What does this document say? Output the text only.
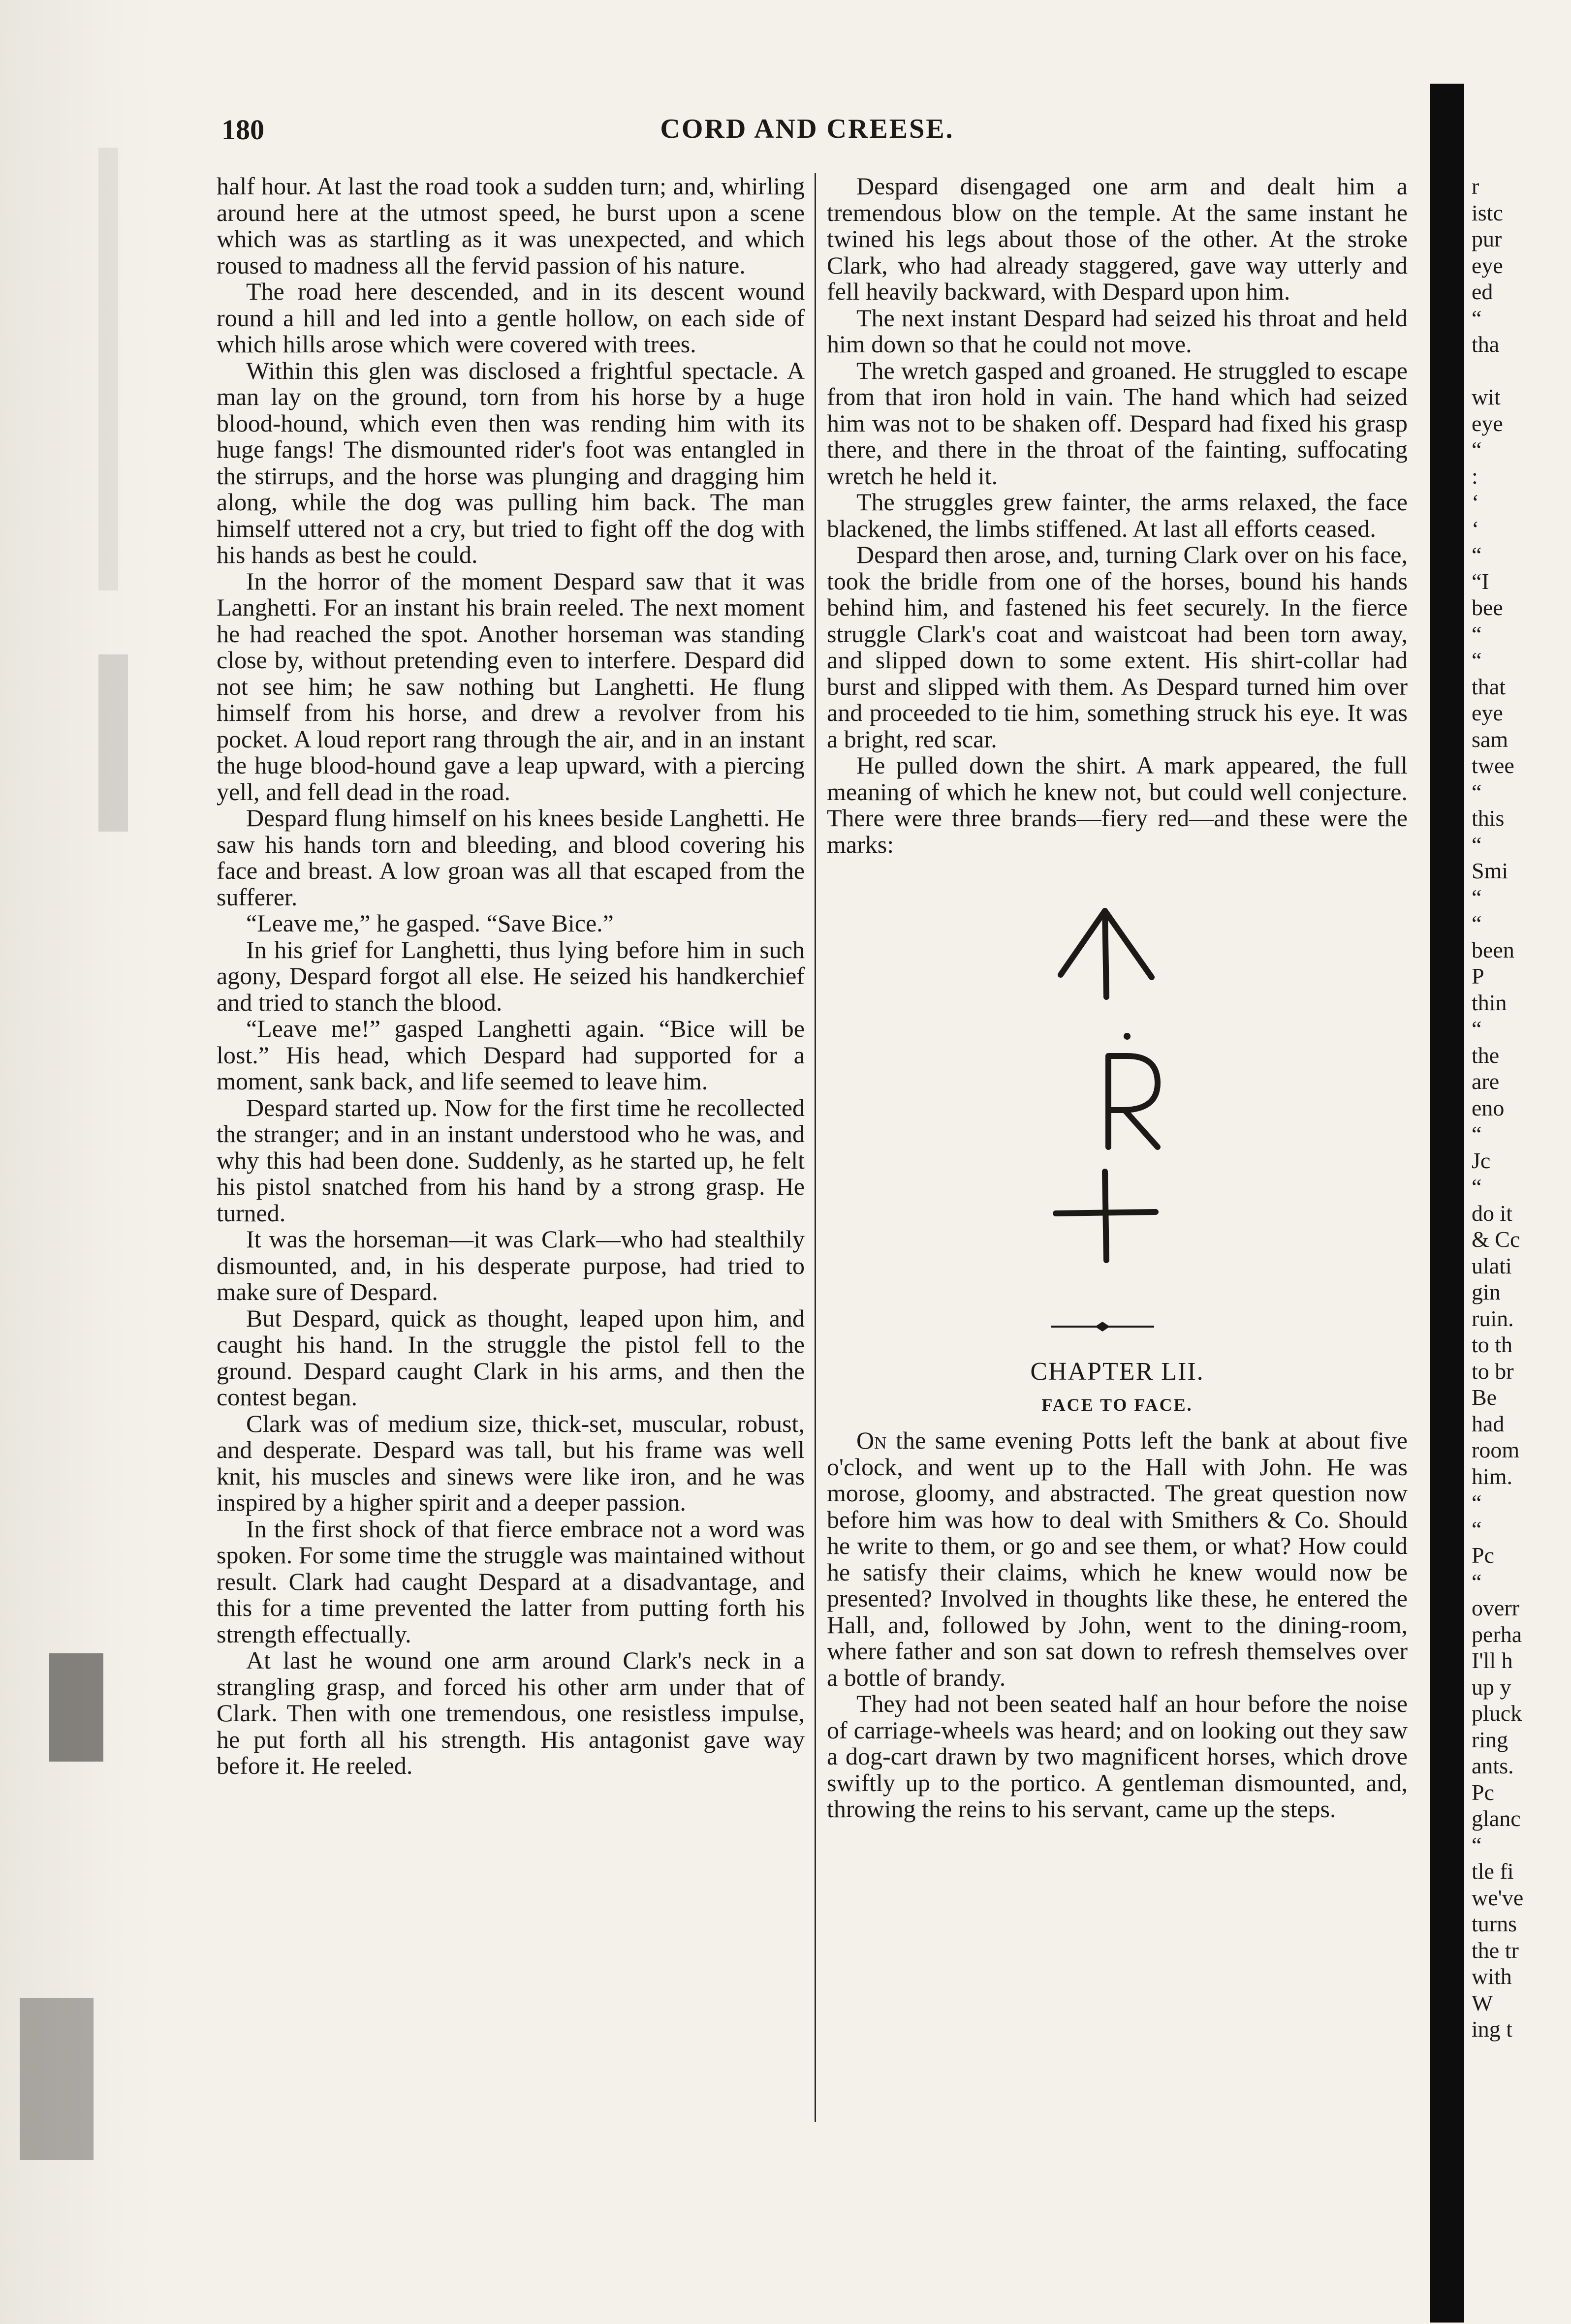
180	CORD AND CREESE.

half hour. At last the road took a sudden turn; and, whirling around here at the utmost speed, he burst upon a scene which was as startling as it was unexpected, and which roused to madness all the fervid passion of his nature.

The road here descended, and in its descent wound round a hill and led into a gentle hollow, on each side of which hills arose which were covered with trees.

Within this glen was disclosed a frightful spectacle. A man lay on the ground, torn from his horse by a huge blood-hound, which even then was rending him with its huge fangs! The dismounted rider's foot was entangled in the stirrups, and the horse was plunging and dragging him along, while the dog was pulling him back. The man himself uttered not a cry, but tried to fight off the dog with his hands as best he could.

In the horror of the moment Despard saw that it was Langhetti. For an instant his brain reeled. The next moment he had reached the spot. Another horseman was standing close by, without pretending even to interfere. Despard did not see him; he saw nothing but Langhetti. He flung himself from his horse, and drew a revolver from his pocket. A loud report rang through the air, and in an instant the huge blood-hound gave a leap upward, with a piercing yell, and fell dead in the road.

Despard flung himself on his knees beside Langhetti. He saw his hands torn and bleeding, and blood covering his face and breast. A low groan was all that escaped from the sufferer.

“Leave me,” he gasped. “Save Bice.”

In his grief for Langhetti, thus lying before him in such agony, Despard forgot all else. He seized his handkerchief and tried to stanch the blood.

“Leave me!” gasped Langhetti again. “Bice will be lost.” His head, which Despard had supported for a moment, sank back, and life seemed to leave him.

Despard started up. Now for the first time he recollected the stranger; and in an instant understood who he was, and why this had been done. Suddenly, as he started up, he felt his pistol snatched from his hand by a strong grasp. He turned.

It was the horseman—it was Clark—who had stealthily dismounted, and, in his desperate purpose, had tried to make sure of Despard.

But Despard, quick as thought, leaped upon him, and caught his hand. In the struggle the pistol fell to the ground. Despard caught Clark in his arms, and then the contest began.

Clark was of medium size, thick-set, muscular, robust, and desperate. Despard was tall, but his frame was well knit, his muscles and sinews were like iron, and he was inspired by a higher spirit and a deeper passion.

In the first shock of that fierce embrace not a word was spoken. For some time the struggle was maintained without result. Clark had caught Despard at a disadvantage, and this for a time prevented the latter from putting forth his strength effectually.

At last he wound one arm around Clark's neck in a strangling grasp, and forced his other arm under that of Clark. Then with one tremendous, one resistless impulse, he put forth all his strength. His antagonist gave way before it. He reeled.

Despard disengaged one arm and dealt him a tremendous blow on the temple. At the same instant he twined his legs about those of the other. At the stroke Clark, who had already staggered, gave way utterly and fell heavily backward, with Despard upon him.

The next instant Despard had seized his throat and held him down so that he could not move.

The wretch gasped and groaned. He struggled to escape from that iron hold in vain. The hand which had seized him was not to be shaken off. Despard had fixed his grasp there, and there in the throat of the fainting, suffocating wretch he held it.

The struggles grew fainter, the arms relaxed, the face blackened, the limbs stiffened. At last all efforts ceased.

Despard then arose, and, turning Clark over on his face, took the bridle from one of the horses, bound his hands behind him, and fastened his feet securely. In the fierce struggle Clark's coat and waistcoat had been torn away, and slipped down to some extent. His shirt-collar had burst and slipped with them. As Despard turned him over and proceeded to tie him, something struck his eye. It was a bright, red scar.

He pulled down the shirt. A mark appeared, the full meaning of which he knew not, but could well conjecture. There were three brands—fiery red—and these were the marks:

CHAPTER LII.
FACE TO FACE.

On the same evening Potts left the bank at about five o'clock, and went up to the Hall with John. He was morose, gloomy, and abstracted. The great question now before him was how to deal with Smithers & Co. Should he write to them, or go and see them, or what? How could he satisfy their claims, which he knew would now be presented? Involved in thoughts like these, he entered the Hall, and, followed by John, went to the dining-room, where father and son sat down to refresh themselves over a bottle of brandy.

They had not been seated half an hour before the noise of carriage-wheels was heard; and on looking out they saw a dog-cart drawn by two magnificent horses, which drove swiftly up to the portico. A gentleman dismounted, and, throwing the reins to his servant, came up the steps.

r
istc
pur
eye
ed
“
tha
wit
eye
“
:
‘
‘
“
“I
bee
“
“
that
eye
sam
twee
“
this
“
Smi
“
“
been
P
thin
“
the
are
eno
“
Jc
“
do it
& Cc
ulati
gin
ruin.
to th
to br
Be
had
room
him.
“
“
Pc
“
overr
perha
I'll h
up y
pluck
ring
ants.
Pc
glanc
“
tle fi
we've
turns
the tr
with
W
ing t
